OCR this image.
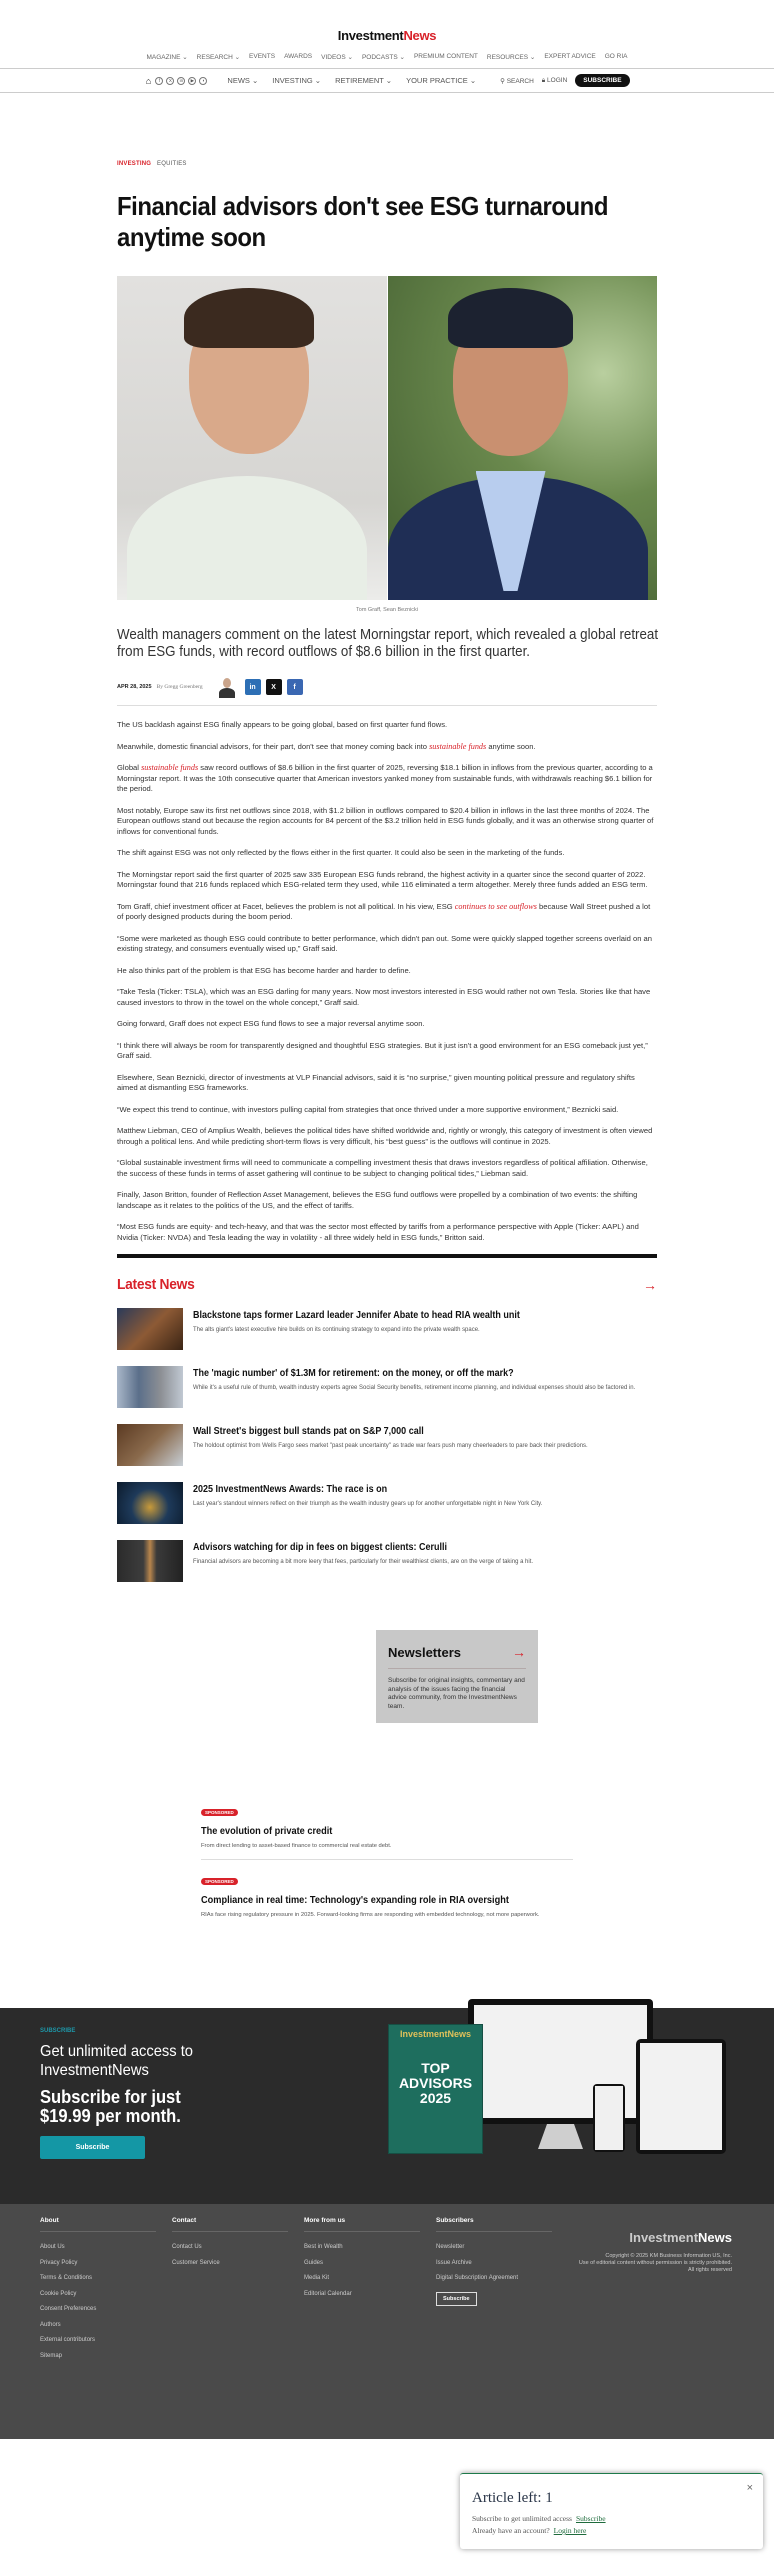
InvestmentNews
MAGAZINE ⌄ RESEARCH ⌄ EVENTS AWARDS VIDEOS ⌄ PODCASTS ⌄ PREMIUM CONTENT RESOURCES ⌄ EXPERT ADVICE GO RIA
⌂	f	X	in	▶	◗	NEWS ⌄ INVESTING ⌄ RETIREMENT ⌄ YOUR PRACTICE ⌄	⚲ SEARCH 🔒︎ LOGIN	SUBSCRIBE
INVESTING EQUITIES
Financial advisors don't see ESG turnaround anytime soon
Tom Graff, Sean Beznicki

Wealth managers comment on the latest Morningstar report, which revealed a global retreat from ESG funds, with record outflows of $8.6 billion in the first quarter.

APR 28, 2025 By Gregg Greenberg	in	X	f

The US backlash against ESG finally appears to be going global, based on first quarter fund flows.

Meanwhile, domestic financial advisors, for their part, don't see that money coming back into sustainable funds anytime soon.

Global sustainable funds saw record outflows of $8.6 billion in the first quarter of 2025, reversing $18.1 billion in inflows from the previous quarter, according to a Morningstar report. It was the 10th consecutive quarter that American investors yanked money from sustainable funds, with withdrawals reaching $6.1 billion for the period.

Most notably, Europe saw its first net outflows since 2018, with $1.2 billion in outflows compared to $20.4 billion in inflows in the last three months of 2024. The European outflows stand out because the region accounts for 84 percent of the $3.2 trillion held in ESG funds globally, and it was an otherwise strong quarter of inflows for conventional funds.

The shift against ESG was not only reflected by the flows either in the first quarter. It could also be seen in the marketing of the funds.

The Morningstar report said the first quarter of 2025 saw 335 European ESG funds rebrand, the highest activity in a quarter since the second quarter of 2022. Morningstar found that 216 funds replaced which ESG-related term they used, while 116 eliminated a term altogether. Merely three funds added an ESG term.

Tom Graff, chief investment officer at Facet, believes the problem is not all political. In his view, ESG continues to see outflows because Wall Street pushed a lot of poorly designed products during the boom period.

“Some were marketed as though ESG could contribute to better performance, which didn't pan out. Some were quickly slapped together screens overlaid on an existing strategy, and consumers eventually wised up,” Graff said.

He also thinks part of the problem is that ESG has become harder and harder to define.

“Take Tesla (Ticker: TSLA), which was an ESG darling for many years. Now most investors interested in ESG would rather not own Tesla. Stories like that have caused investors to throw in the towel on the whole concept,” Graff said.

Going forward, Graff does not expect ESG fund flows to see a major reversal anytime soon.

“I think there will always be room for transparently designed and thoughtful ESG strategies. But it just isn't a good environment for an ESG comeback just yet,” Graff said.

Elsewhere, Sean Beznicki, director of investments at VLP Financial advisors, said it is “no surprise,” given mounting political pressure and regulatory shifts aimed at dismantling ESG frameworks.

“We expect this trend to continue, with investors pulling capital from strategies that once thrived under a more supportive environment,” Beznicki said.

Matthew Liebman, CEO of Amplius Wealth, believes the political tides have shifted worldwide and, rightly or wrongly, this category of investment is often viewed through a political lens. And while predicting short-term flows is very difficult, his “best guess” is the outflows will continue in 2025.

“Global sustainable investment firms will need to communicate a compelling investment thesis that draws investors regardless of political affiliation. Otherwise, the success of these funds in terms of asset gathering will continue to be subject to changing political tides,” Liebman said.

Finally, Jason Britton, founder of Reflection Asset Management, believes the ESG fund outflows were propelled by a combination of two events: the shifting landscape as it relates to the politics of the US, and the effect of tariffs.

“Most ESG funds are equity- and tech-heavy, and that was the sector most effected by tariffs from a performance perspective with Apple (Ticker: AAPL) and Nvidia (Ticker: NVDA) and Tesla leading the way in volatility - all three widely held in ESG funds,” Britton said.

Latest News	→
Blackstone taps former Lazard leader Jennifer Abate to head RIA wealth unit
The alts giant's latest executive hire builds on its continuing strategy to expand into the private wealth space.
The 'magic number' of $1.3M for retirement: on the money, or off the mark?
While it's a useful rule of thumb, wealth industry experts agree Social Security benefits, retirement income planning, and individual expenses should also be factored in.
Wall Street's biggest bull stands pat on S&P 7,000 call
The holdout optimist from Wells Fargo sees market "past peak uncertainty" as trade war fears push many cheerleaders to pare back their predictions.
2025 InvestmentNews Awards: The race is on
Last year's standout winners reflect on their triumph as the wealth industry gears up for another unforgettable night in New York City.
Advisors watching for dip in fees on biggest clients: Cerulli
Financial advisors are becoming a bit more leery that fees, particularly for their wealthiest clients, are on the verge of taking a hit.
Newsletters	→

Subscribe for original insights, commentary and analysis of the issues facing the financial advice community, from the InvestmentNews team.

SPONSORED
The evolution of private credit
From direct lending to asset-based finance to commercial real estate debt.
SPONSORED
Compliance in real time: Technology's expanding role in RIA oversight
RIAs face rising regulatory pressure in 2025. Forward-looking firms are responding with embedded technology, not more paperwork.
SUBSCRIBE
Get unlimited access to InvestmentNews
Subscribe for just $19.99 per month.
Subscribe
InvestmentNews
TOP ADVISORS 2025
About
About Us
Privacy Policy
Terms & Conditions
Cookie Policy
Consent Preferences
Authors
External contributors
Sitemap
Contact
Contact Us
Customer Service
More from us
Best in Wealth
Guides
Media Kit
Editorial Calendar
Subscribers
Newsletter
Issue Archive
Digital Subscription Agreement
Subscribe
InvestmentNews
Copyright © 2025 KM Business Information US, Inc.
Use of editorial content without permission is strictly prohibited. All rights reserved
×
Article left: 1

Subscribe to get unlimited access Subscribe
Already have an account? Login here
